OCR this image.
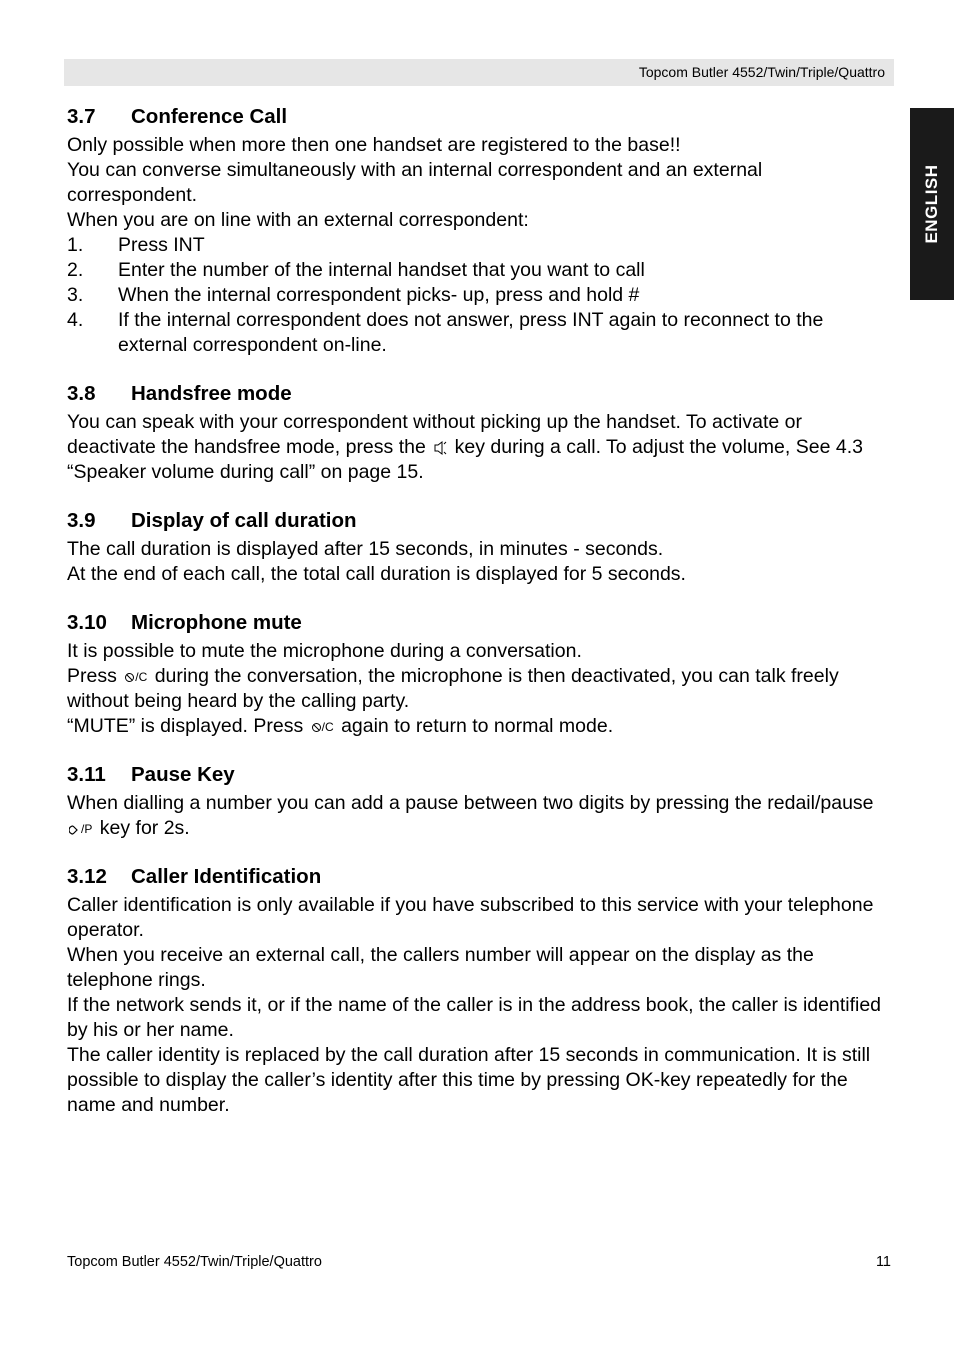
Topcom Butler 4552/Twin/Triple/Quattro
ENGLISH
3.7	Conference Call

Only possible when more then one handset are registered to the base!!

You can converse simultaneously with an internal correspondent and an external correspondent.

When you are on line with an external correspondent:

1.	Press INT
2.	Enter the number of the internal handset that you want to call
3.	When the internal correspondent picks- up, press and hold #
4.	If the internal correspondent does not answer, press INT again to reconnect to the external correspondent on-line.
3.8	Handsfree mode

You can speak with your correspondent without picking up the handset. To activate or deactivate the handsfree mode, press the key during a call. To adjust the volume, See 4.3 “Speaker volume during call” on page 15.

3.9	Display of call duration

The call duration is displayed after 15 seconds, in minutes - seconds.

At the end of each call, the total call duration is displayed for 5 seconds.

3.10	Microphone mute

It is possible to mute the microphone during a conversation.

Press /C during the conversation, the microphone is then deactivated, you can talk freely without being heard by the calling party.

“MUTE” is displayed. Press /C again to return to normal mode.

3.11	Pause Key

When dialling a number you can add a pause between two digits by pressing the redail/pause /P key for 2s.

3.12	Caller Identification

Caller identification is only available if you have subscribed to this service with your telephone operator.

When you receive an external call, the callers number will appear on the display as the telephone rings.

If the network sends it, or if the name of the caller is in the address book, the caller is identified by his or her name.

The caller identity is replaced by the call duration after 15 seconds in communication. It is still possible to display the caller’s identity after this time by pressing OK-key repeatedly for the name and number.

Topcom Butler 4552/Twin/Triple/Quattro	11
